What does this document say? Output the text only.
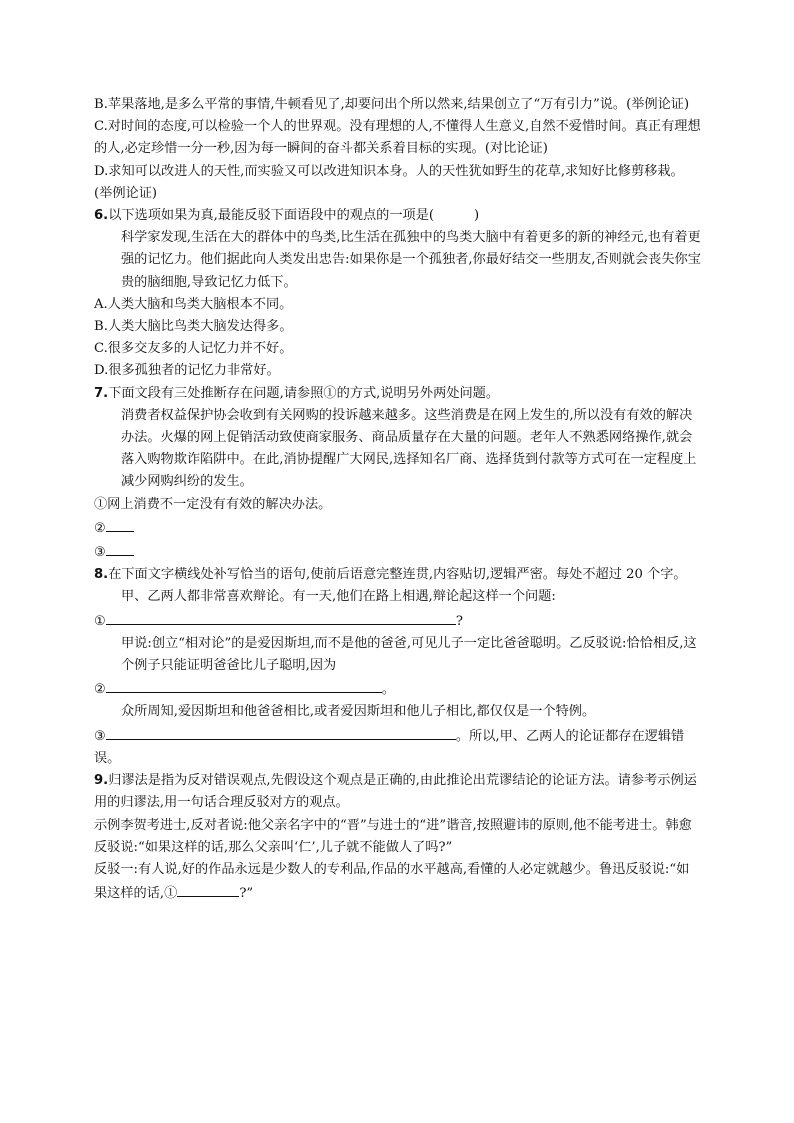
B.苹果落地,是多么平常的事情,牛顿看见了,却要问出个所以然来,结果创立了“万有引力”说。(举例论证)

C.对时间的态度,可以检验一个人的世界观。没有理想的人,不懂得人生意义,自然不爱惜时间。真正有理想的人,必定珍惜一分一秒,因为每一瞬间的奋斗都关系着目标的实现。(对比论证)

D.求知可以改进人的天性,而实验又可以改进知识本身。人的天性犹如野生的花草,求知好比修剪移栽。(举例论证)

6.以下选项如果为真,最能反驳下面语段中的观点的一项是(	)

科学家发现,生活在大的群体中的鸟类,比生活在孤独中的鸟类大脑中有着更多的新的神经元,也有着更强的记忆力。他们据此向人类发出忠告:如果你是一个孤独者,你最好结交一些朋友,否则就会丧失你宝贵的脑细胞,导致记忆力低下。

A.人类大脑和鸟类大脑根本不同。

B.人类大脑比鸟类大脑发达得多。

C.很多交友多的人记忆力并不好。

D.很多孤独者的记忆力非常好。

7.下面文段有三处推断存在问题,请参照①的方式,说明另外两处问题。

消费者权益保护协会收到有关网购的投诉越来越多。这些消费是在网上发生的,所以没有有效的解决办法。火爆的网上促销活动致使商家服务、商品质量存在大量的问题。老年人不熟悉网络操作,就会落入购物欺诈陷阱中。在此,消协提醒广大网民,选择知名厂商、选择货到付款等方式可在一定程度上减少网购纠纷的发生。

①网上消费不一定没有有效的解决办法。

②

③

8.在下面文字横线处补写恰当的语句,使前后语意完整连贯,内容贴切,逻辑严密。每处不超过 20 个字。

甲、乙两人都非常喜欢辩论。有一天,他们在路上相遇,辩论起这样一个问题:

①	?

甲说:创立“相对论”的是爱因斯坦,而不是他的爸爸,可见儿子一定比爸爸聪明。乙反驳说:恰恰相反,这个例子只能证明爸爸比儿子聪明,因为

②	。

众所周知,爱因斯坦和他爸爸相比,或者爱因斯坦和他儿子相比,都仅仅是一个特例。

③	。所以,甲、乙两人的论证都存在逻辑错误。

9.归谬法是指为反对错误观点,先假设这个观点是正确的,由此推论出荒谬结论的论证方法。请参考示例运用的归谬法,用一句话合理反驳对方的观点。

示例李贺考进士,反对者说:他父亲名字中的“晋”与进士的“进”谐音,按照避讳的原则,他不能考进士。韩愈反驳说:“如果这样的话,那么父亲叫‘仁’,儿子就不能做人了吗?”

反驳一:有人说,好的作品永远是少数人的专利品,作品的水平越高,看懂的人必定就越少。鲁迅反驳说:“如果这样的话,①	?”
